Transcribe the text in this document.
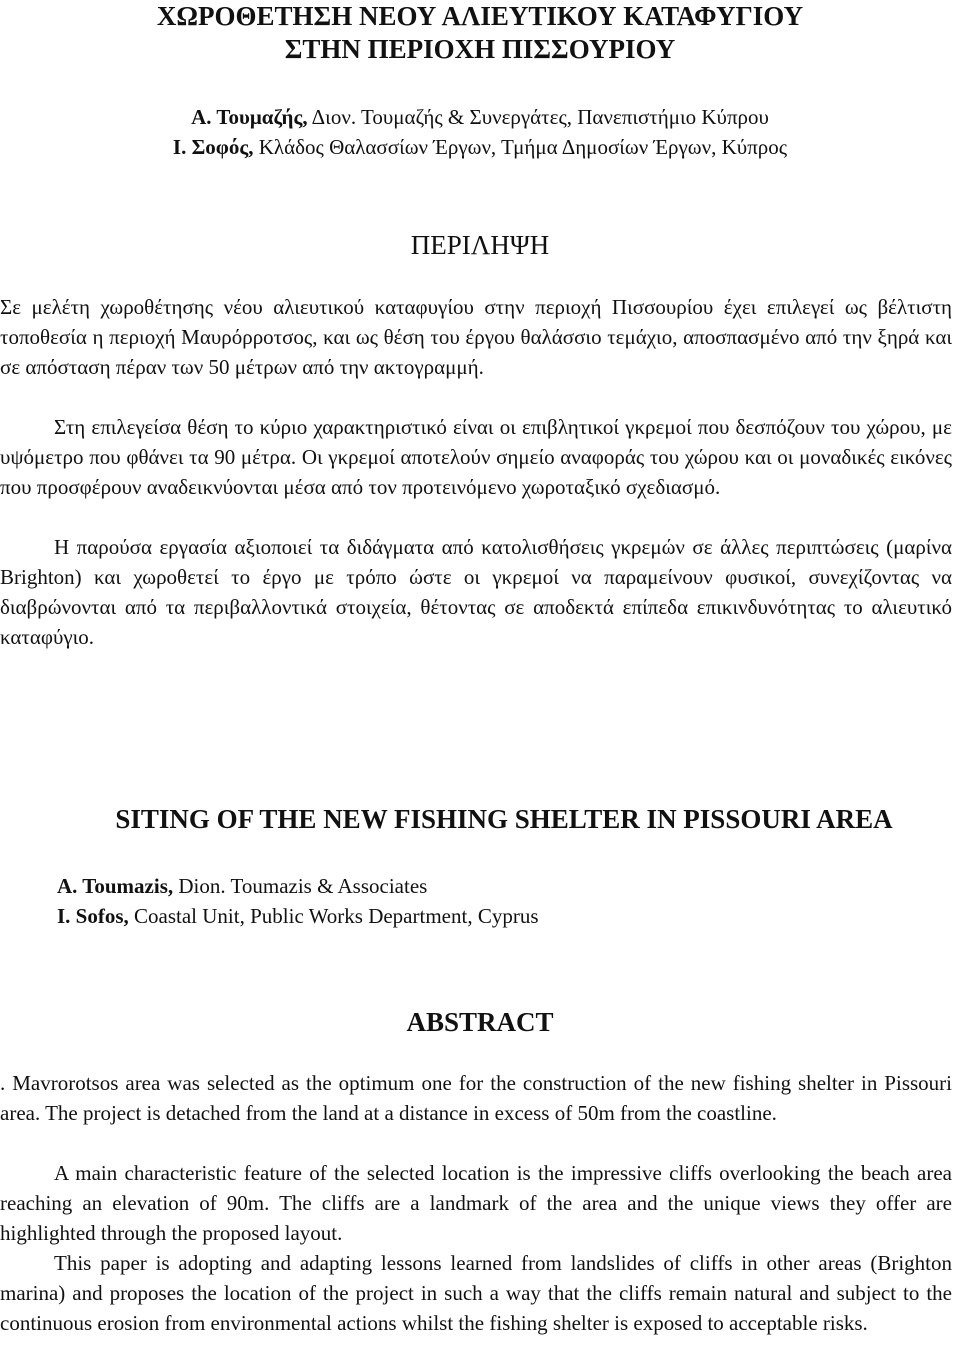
ΧΩΡΟΘΕΤΗΣΗ ΝΕΟΥ ΑΛΙΕΥΤΙΚΟΥ ΚΑΤΑΦΥΓΙΟΥ
ΣΤΗΝ ΠΕΡΙΟΧΗ ΠΙΣΣΟΥΡΙΟΥ

Α. Τουμαζής, Διον. Τουμαζής & Συνεργάτες, Πανεπιστήμιο Κύπρου

Ι. Σοφός, Κλάδος Θαλασσίων Έργων, Τμήμα Δημοσίων Έργων, Κύπρος

ΠΕΡΙΛΗΨΗ

Σε μελέτη χωροθέτησης νέου αλιευτικού καταφυγίου στην περιοχή Πισσουρίου έχει επιλεγεί ως βέλτιστη τοποθεσία η περιοχή Μαυρόρροτσος, και ως θέση του έργου θαλάσσιο τεμάχιο, αποσπασμένο από την ξηρά και σε απόσταση πέραν των 50 μέτρων από την ακτογραμμή.

Στη επιλεγείσα θέση το κύριο χαρακτηριστικό είναι οι επιβλητικοί γκρεμοί που δεσπόζουν του χώρου, με υψόμετρο που φθάνει τα 90 μέτρα. Οι γκρεμοί αποτελούν σημείο αναφοράς του χώρου και οι μοναδικές εικόνες που προσφέρουν αναδεικνύονται μέσα από τον προτεινόμενο χωροταξικό σχεδιασμό.

Η παρούσα εργασία αξιοποιεί τα διδάγματα από κατολισθήσεις γκρεμών σε άλλες περιπτώσεις (μαρίνα Brighton) και χωροθετεί το έργο με τρόπο ώστε οι γκρεμοί να παραμείνουν φυσικοί, συνεχίζοντας να διαβρώνονται από τα περιβαλλοντικά στοιχεία, θέτοντας σε αποδεκτά επίπεδα επικινδυνότητας το αλιευτικό καταφύγιο.

SITING OF THE NEW FISHING SHELTER IN PISSOURI AREA

A. Toumazis, Dion. Toumazis & Associates

I. Sofos, Coastal Unit, Public Works Department, Cyprus

ABSTRACT

. Mavrorotsos area was selected as the optimum one for the construction of the new fishing shelter in Pissouri area. The project is detached from the land at a distance in excess of 50m from the coastline.

A main characteristic feature of the selected location is the impressive cliffs overlooking the beach area reaching an elevation of 90m. The cliffs are a landmark of the area and the unique views they offer are highlighted through the proposed layout.

This paper is adopting and adapting lessons learned from landslides of cliffs in other areas (Brighton marina) and proposes the location of the project in such a way that the cliffs remain natural and subject to the continuous erosion from environmental actions whilst the fishing shelter is exposed to acceptable risks.
